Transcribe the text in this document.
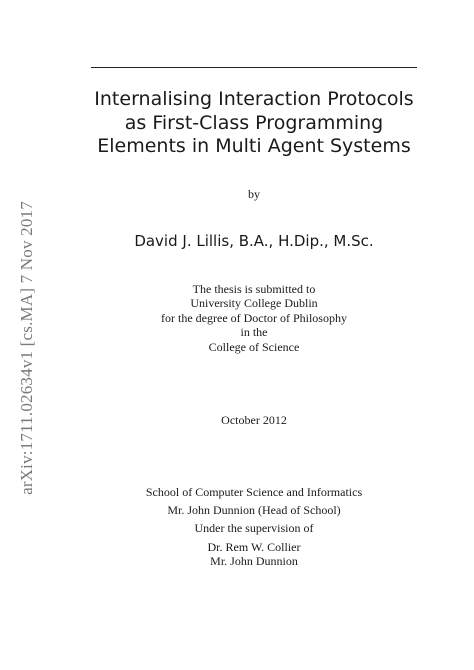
arXiv:1711.02634v1 [cs.MA] 7 Nov 2017
Internalising Interaction Protocols
as First-Class Programming
Elements in Multi Agent Systems
by
David J. Lillis, B.A., H.Dip., M.Sc.
The thesis is submitted to
University College Dublin
for the degree of Doctor of Philosophy
in the
College of Science
October 2012
School of Computer Science and Informatics
Mr. John Dunnion (Head of School)
Under the supervision of
Dr. Rem W. Collier
Mr. John Dunnion
